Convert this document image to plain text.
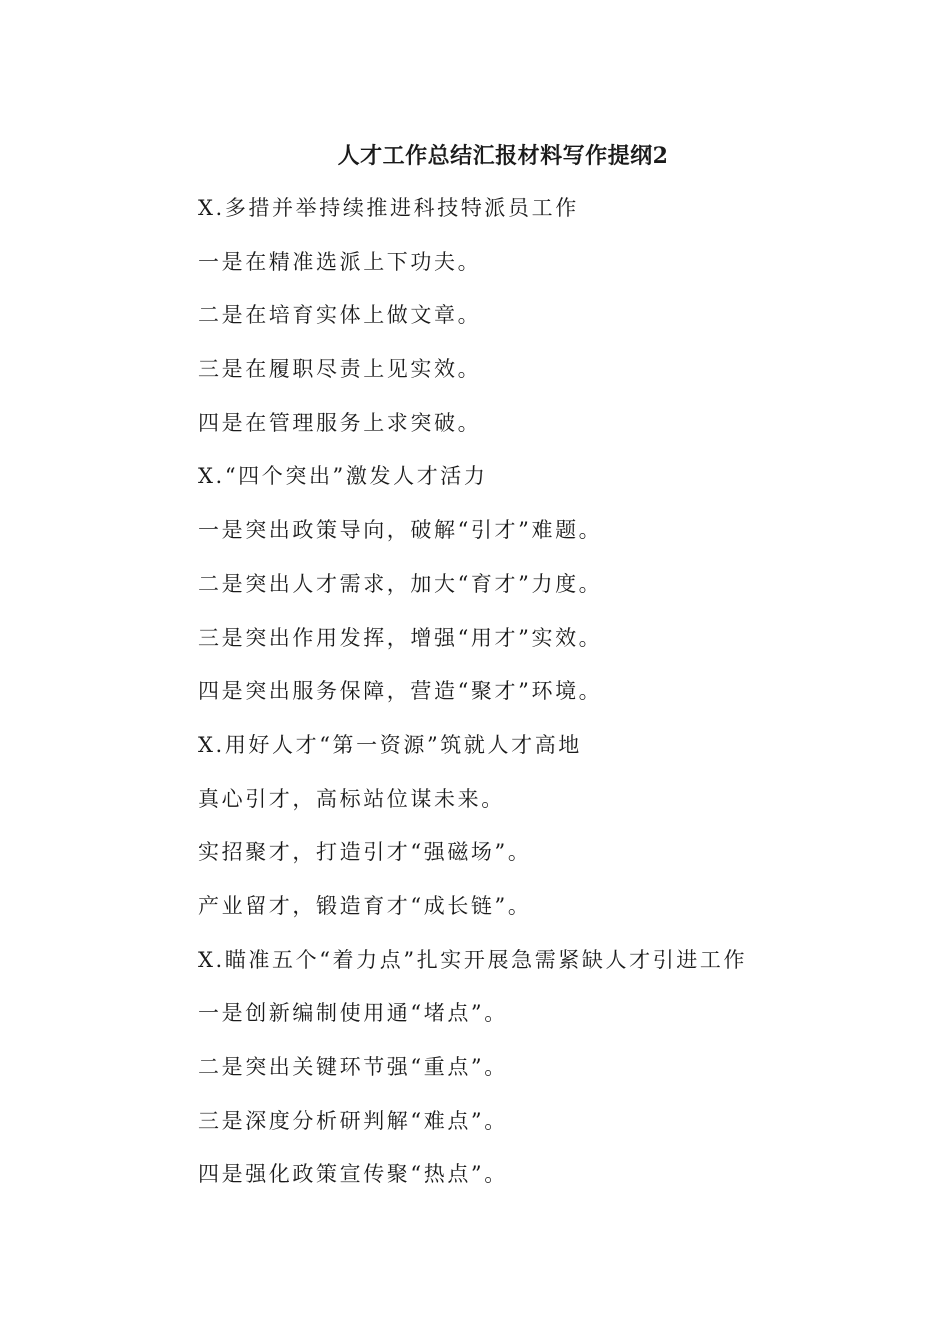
人才工作总结汇报材料写作提纲2
X.多措并举持续推进科技特派员工作
一是在精准选派上下功夫。
二是在培育实体上做文章。
三是在履职尽责上见实效。
四是在管理服务上求突破。
X.“四个突出”激发人才活力
一是突出政策导向，破解“引才”难题。
二是突出人才需求，加大“育才”力度。
三是突出作用发挥，增强“用才”实效。
四是突出服务保障，营造“聚才”环境。
X.用好人才“第一资源”筑就人才高地
真心引才，高标站位谋未来。
实招聚才，打造引才“强磁场”。
产业留才，锻造育才“成长链”。
X.瞄准五个“着力点”扎实开展急需紧缺人才引进工作
一是创新编制使用通“堵点”。
二是突出关键环节强“重点”。
三是深度分析研判解“难点”。
四是强化政策宣传聚“热点”。
